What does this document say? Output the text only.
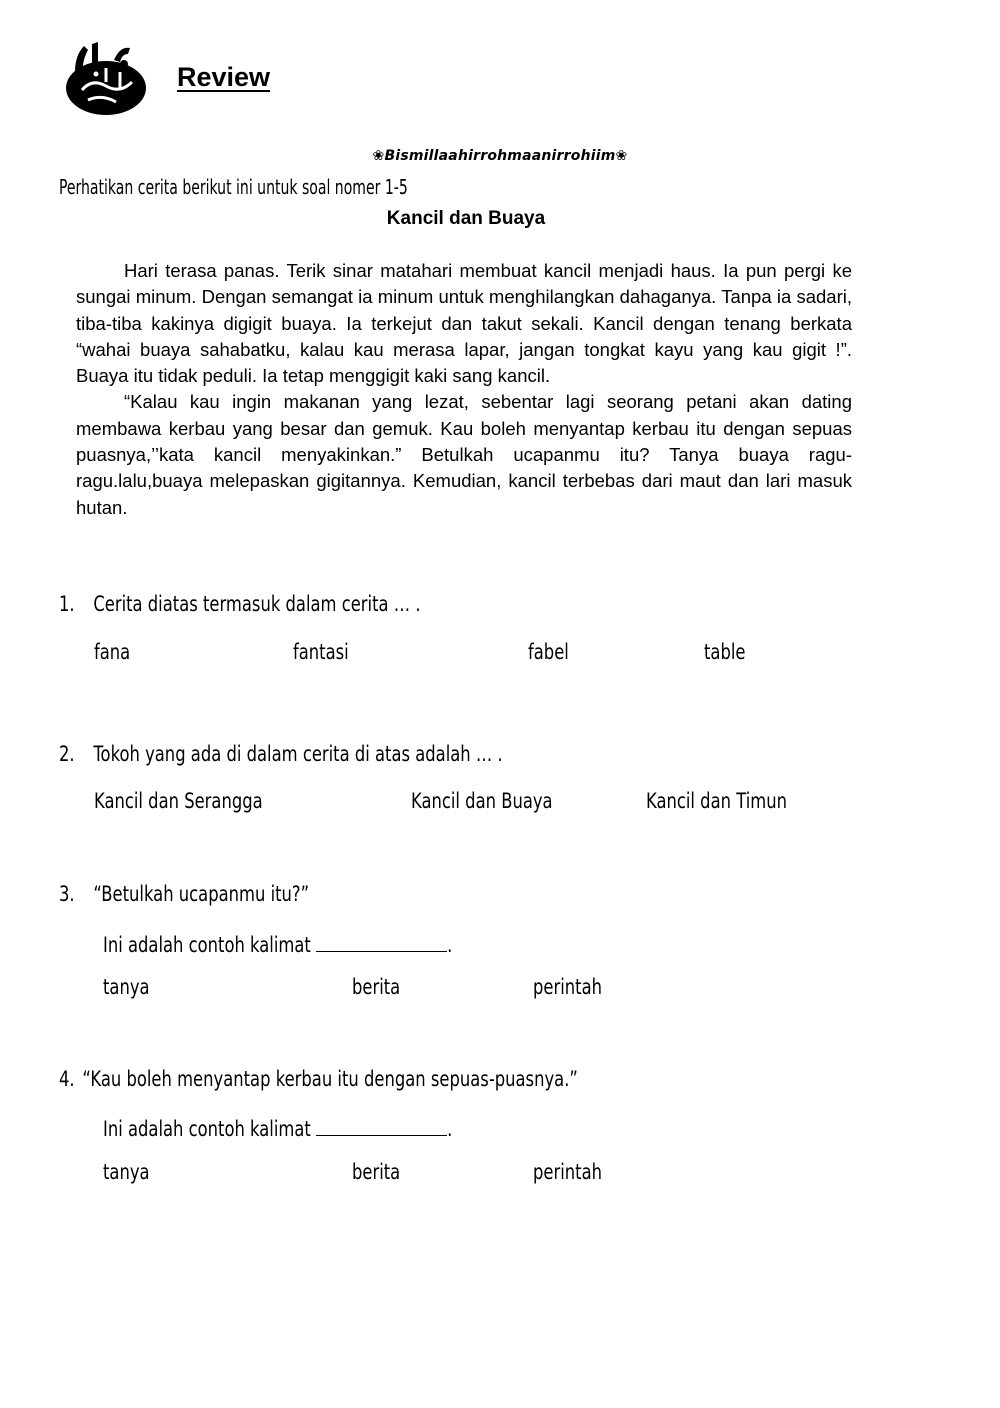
Review
❀Bismillaahirrohmaanirrohiim❀
Perhatikan cerita berikut ini untuk soal nomer 1-5
Kancil dan Buaya

Hari terasa panas. Terik sinar matahari membuat kancil menjadi haus. Ia pun pergi ke sungai minum. Dengan semangat ia minum untuk menghilangkan dahaganya. Tanpa ia sadari, tiba-tiba kakinya digigit buaya. Ia terkejut dan takut sekali. Kancil dengan tenang berkata “wahai buaya sahabatku, kalau kau merasa lapar, jangan tongkat kayu yang kau gigit !”. Buaya itu tidak peduli. Ia tetap menggigit kaki sang kancil.

“Kalau kau ingin makanan yang lezat, sebentar lagi seorang petani akan dating membawa kerbau yang besar dan gemuk. Kau boleh menyantap kerbau itu dengan sepuas puasnya,’’kata kancil menyakinkan.” Betulkah ucapanmu itu? Tanya buaya ragu-ragu.lalu,buaya melepaskan gigitannya. Kemudian, kancil terbebas dari maut dan lari masuk hutan.

1. Cerita diatas termasuk dalam cerita … .
fana	fantasi	fabel	table
2. Tokoh yang ada di dalam cerita di atas adalah … .
Kancil dan Serangga	Kancil dan Buaya	Kancil dan Timun
3. “Betulkah ucapanmu itu?”
Ini adalah contoh kalimat	.
tanya	berita	perintah
4. “Kau boleh menyantap kerbau itu dengan sepuas-puasnya.”
Ini adalah contoh kalimat	.
tanya	berita	perintah
